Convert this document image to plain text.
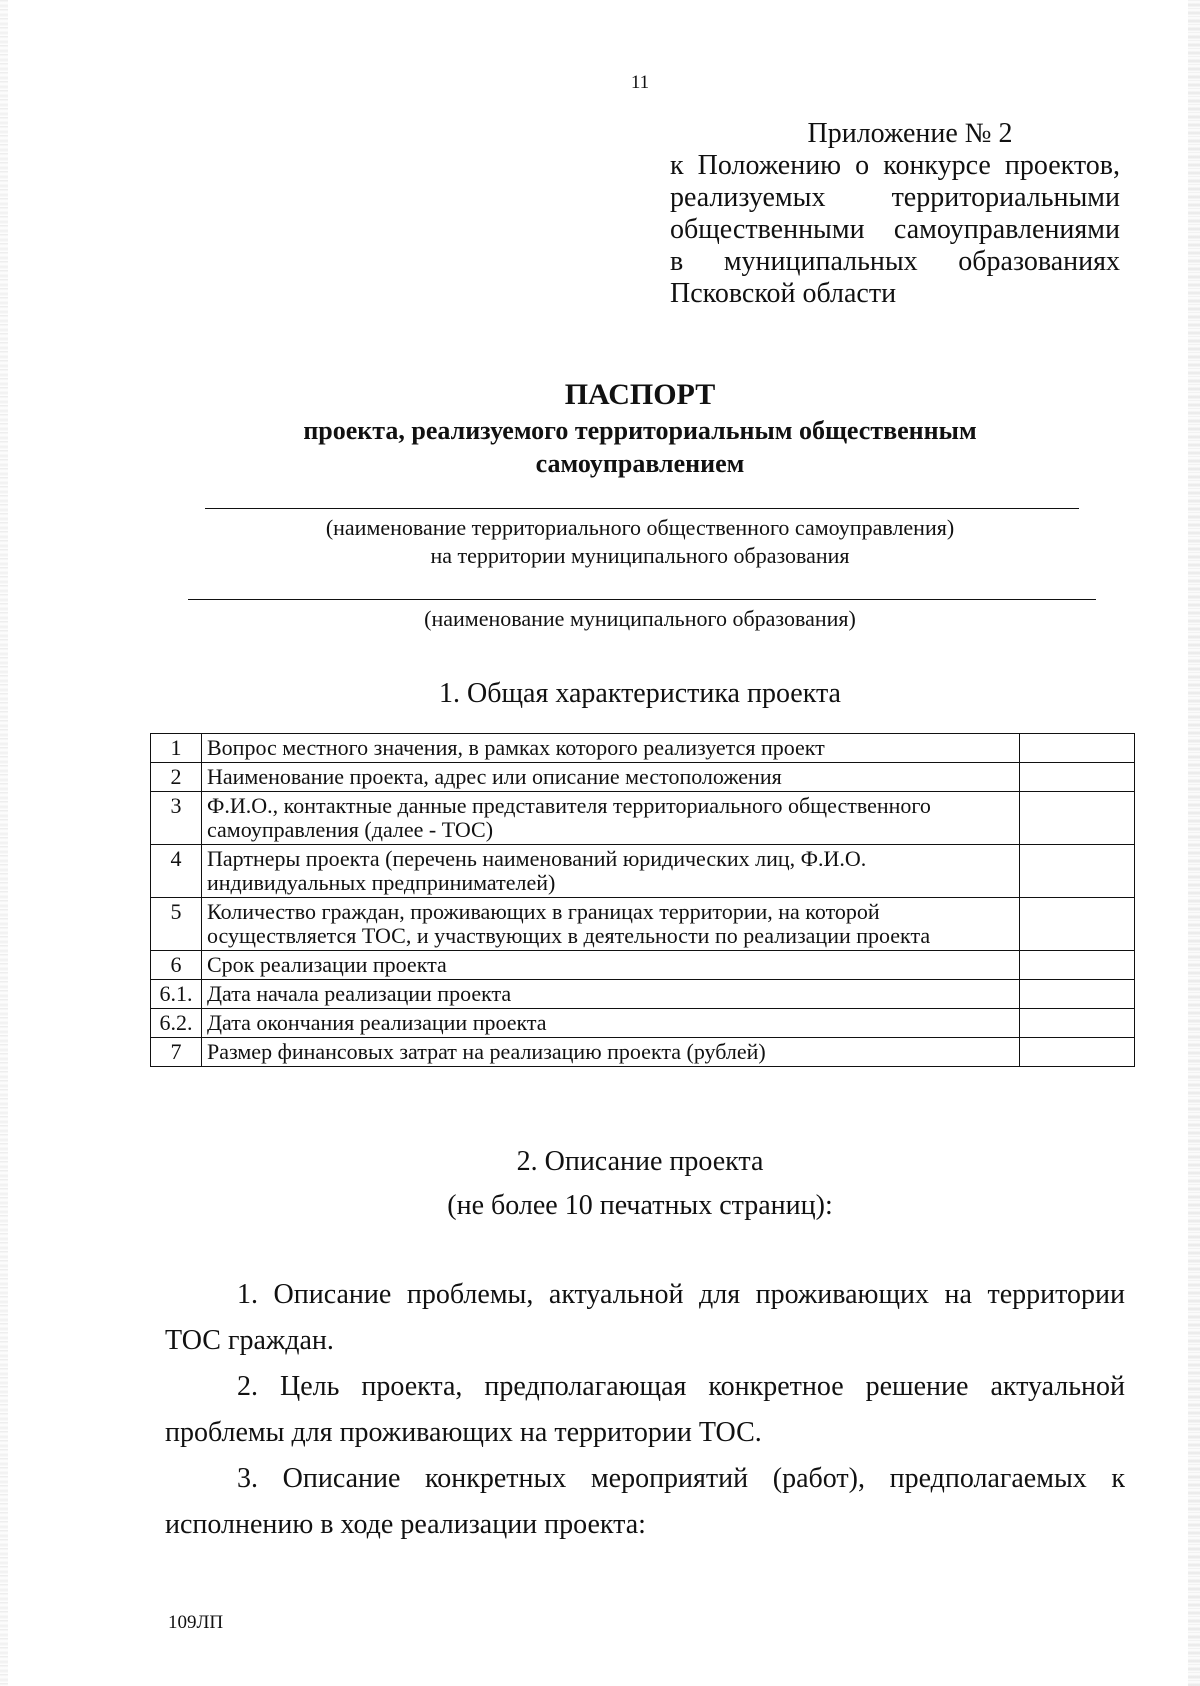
11
Приложение № 2
к Положению о конкурсе проектов,
реализуемых территориальными
общественными самоуправлениями
в муниципальных образованиях
Псковской области
ПАСПОРТ
проекта, реализуемого территориальным общественным
самоуправлением
(наименование территориального общественного самоуправления)
на территории муниципального образования
(наименование муниципального образования)
1. Общая характеристика проекта
1	Вопрос местного значения, в рамках которого реализуется проект	
2	Наименование проекта, адрес или описание местоположения	
3	Ф.И.О., контактные данные представителя территориального общественного самоуправления (далее - ТОС)	
4	Партнеры проекта (перечень наименований юридических лиц, Ф.И.О. индивидуальных предпринимателей)	
5	Количество граждан, проживающих в границах территории, на которой осуществляется ТОС, и участвующих в деятельности по реализации проекта	
6	Срок реализации проекта	
6.1.	Дата начала реализации проекта	
6.2.	Дата окончания реализации проекта	
7	Размер финансовых затрат на реализацию проекта (рублей)	
2. Описание проекта
(не более 10 печатных страниц):

1. Описание проблемы, актуальной для проживающих на территории ТОС граждан.

2. Цель проекта, предполагающая конкретное решение актуальной проблемы для проживающих на территории ТОС.

3. Описание конкретных мероприятий (работ), предполагаемых к исполнению в ходе реализации проекта:

109ЛП
